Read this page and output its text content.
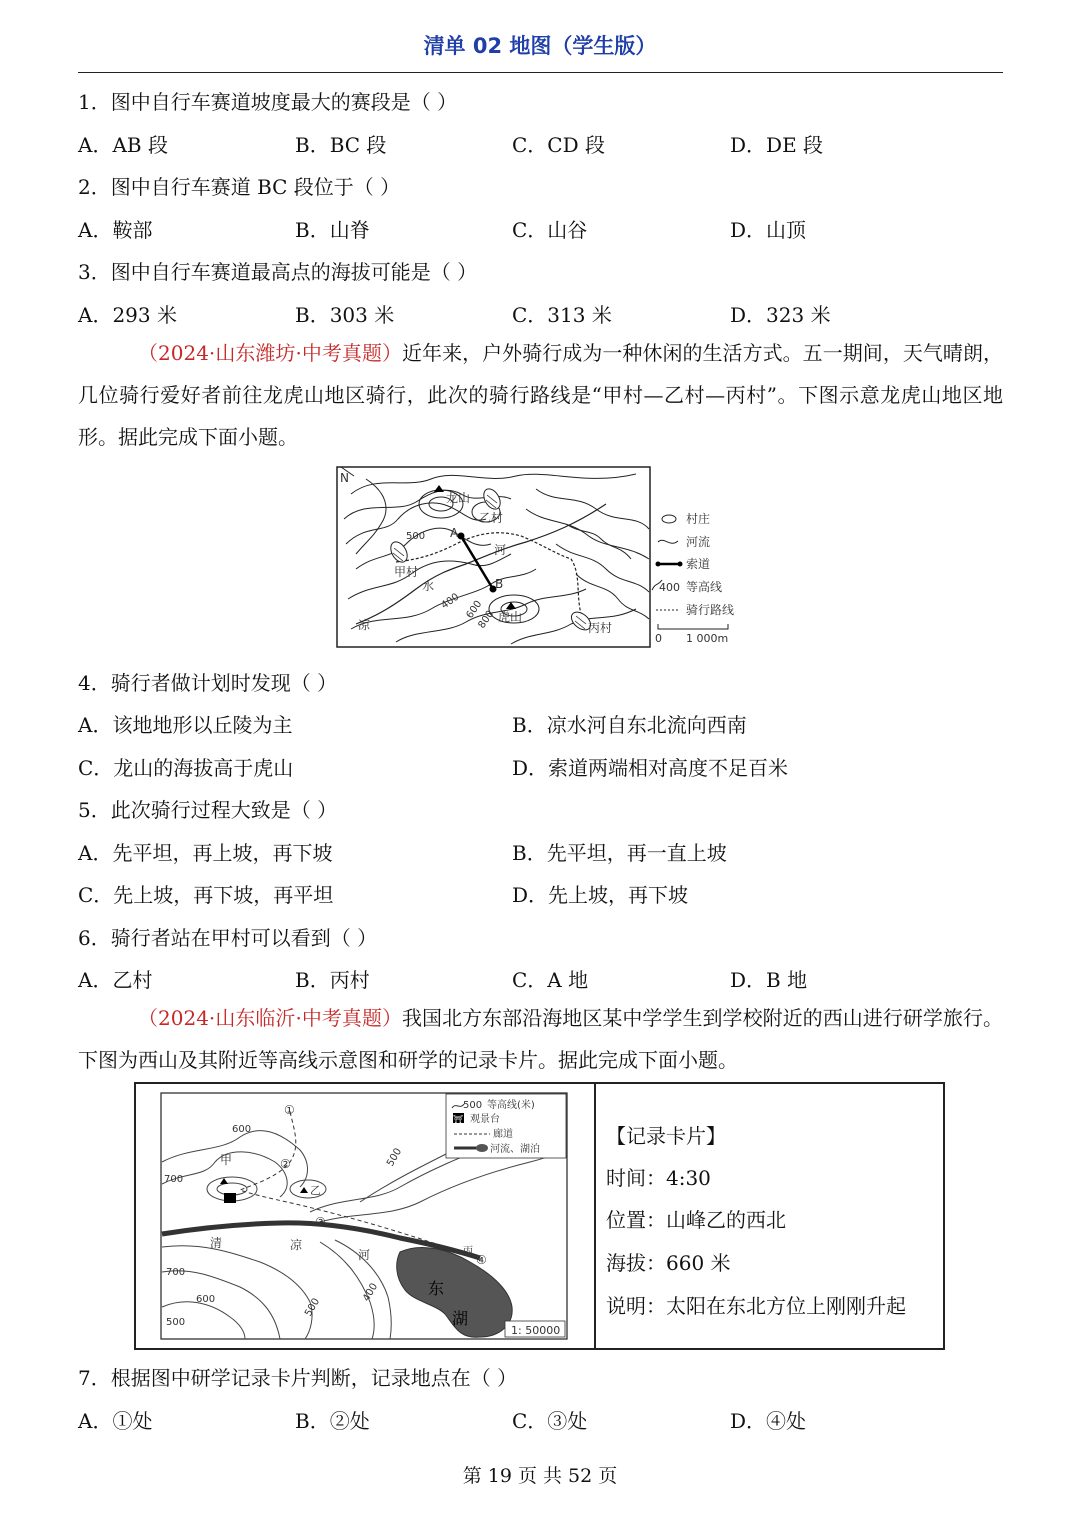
清单 02 地图（学生版）
1．图中自行车赛道坡度最大的赛段是（ ）
A．AB 段	B．BC 段	C．CD 段	D．DE 段
2．图中自行车赛道 BC 段位于（ ）
A．鞍部	B．山脊	C．山谷	D．山顶
3．图中自行车赛道最高点的海拔可能是（ ）
A．293 米	B．303 米	C．313 米	D．323 米
（2024·山东潍坊·中考真题）近年来，户外骑行成为一种休闲的生活方式。五一期间，天气晴朗，几位骑行爱好者前往龙虎山地区骑行，此次的骑行路线是“甲村—乙村—丙村”。下图示意龙虎山地区地形。据此完成下面小题。
N
龙山
虎山
甲村
乙村
丙村
A
B
河
水
凉
500
400 600
800
村庄
河流
索道
400 等高线
骑行路线
0 1 000m
4．骑行者做计划时发现（ ）
A．该地地形以丘陵为主	B．凉水河自东北流向西南
C．龙山的海拔高于虎山	D．索道两端相对高度不足百米
5．此次骑行过程大致是（ ）
A．先平坦，再上坡，再下坡	B．先平坦，再一直上坡
C．先上坡，再下坡，再平坦	D．先上坡，再下坡
6．骑行者站在甲村可以看到（ ）
A．乙村	B．丙村	C．A 地	D．B 地
（2024·山东临沂·中考真题）我国北方东部沿海地区某中学学生到学校附近的西山进行研学旅行。下图为西山及其附近等高线示意图和研学的记录卡片。据此完成下面小题。
①
②
③
④
甲
乙
丙
清	凉
河
东
湖
600
700
500
700
600
500
500
400
1: 50000
500 等高线(米)
⛩ 观景台
廊道
河流、湖泊
【记录卡片】
时间：4:30
位置：山峰乙的西北
海拔：660 米
说明：太阳在东北方位上刚刚升起
7．根据图中研学记录卡片判断，记录地点在（ ）
A．①处	B．②处	C．③处	D．④处
第 19 页 共 52 页
